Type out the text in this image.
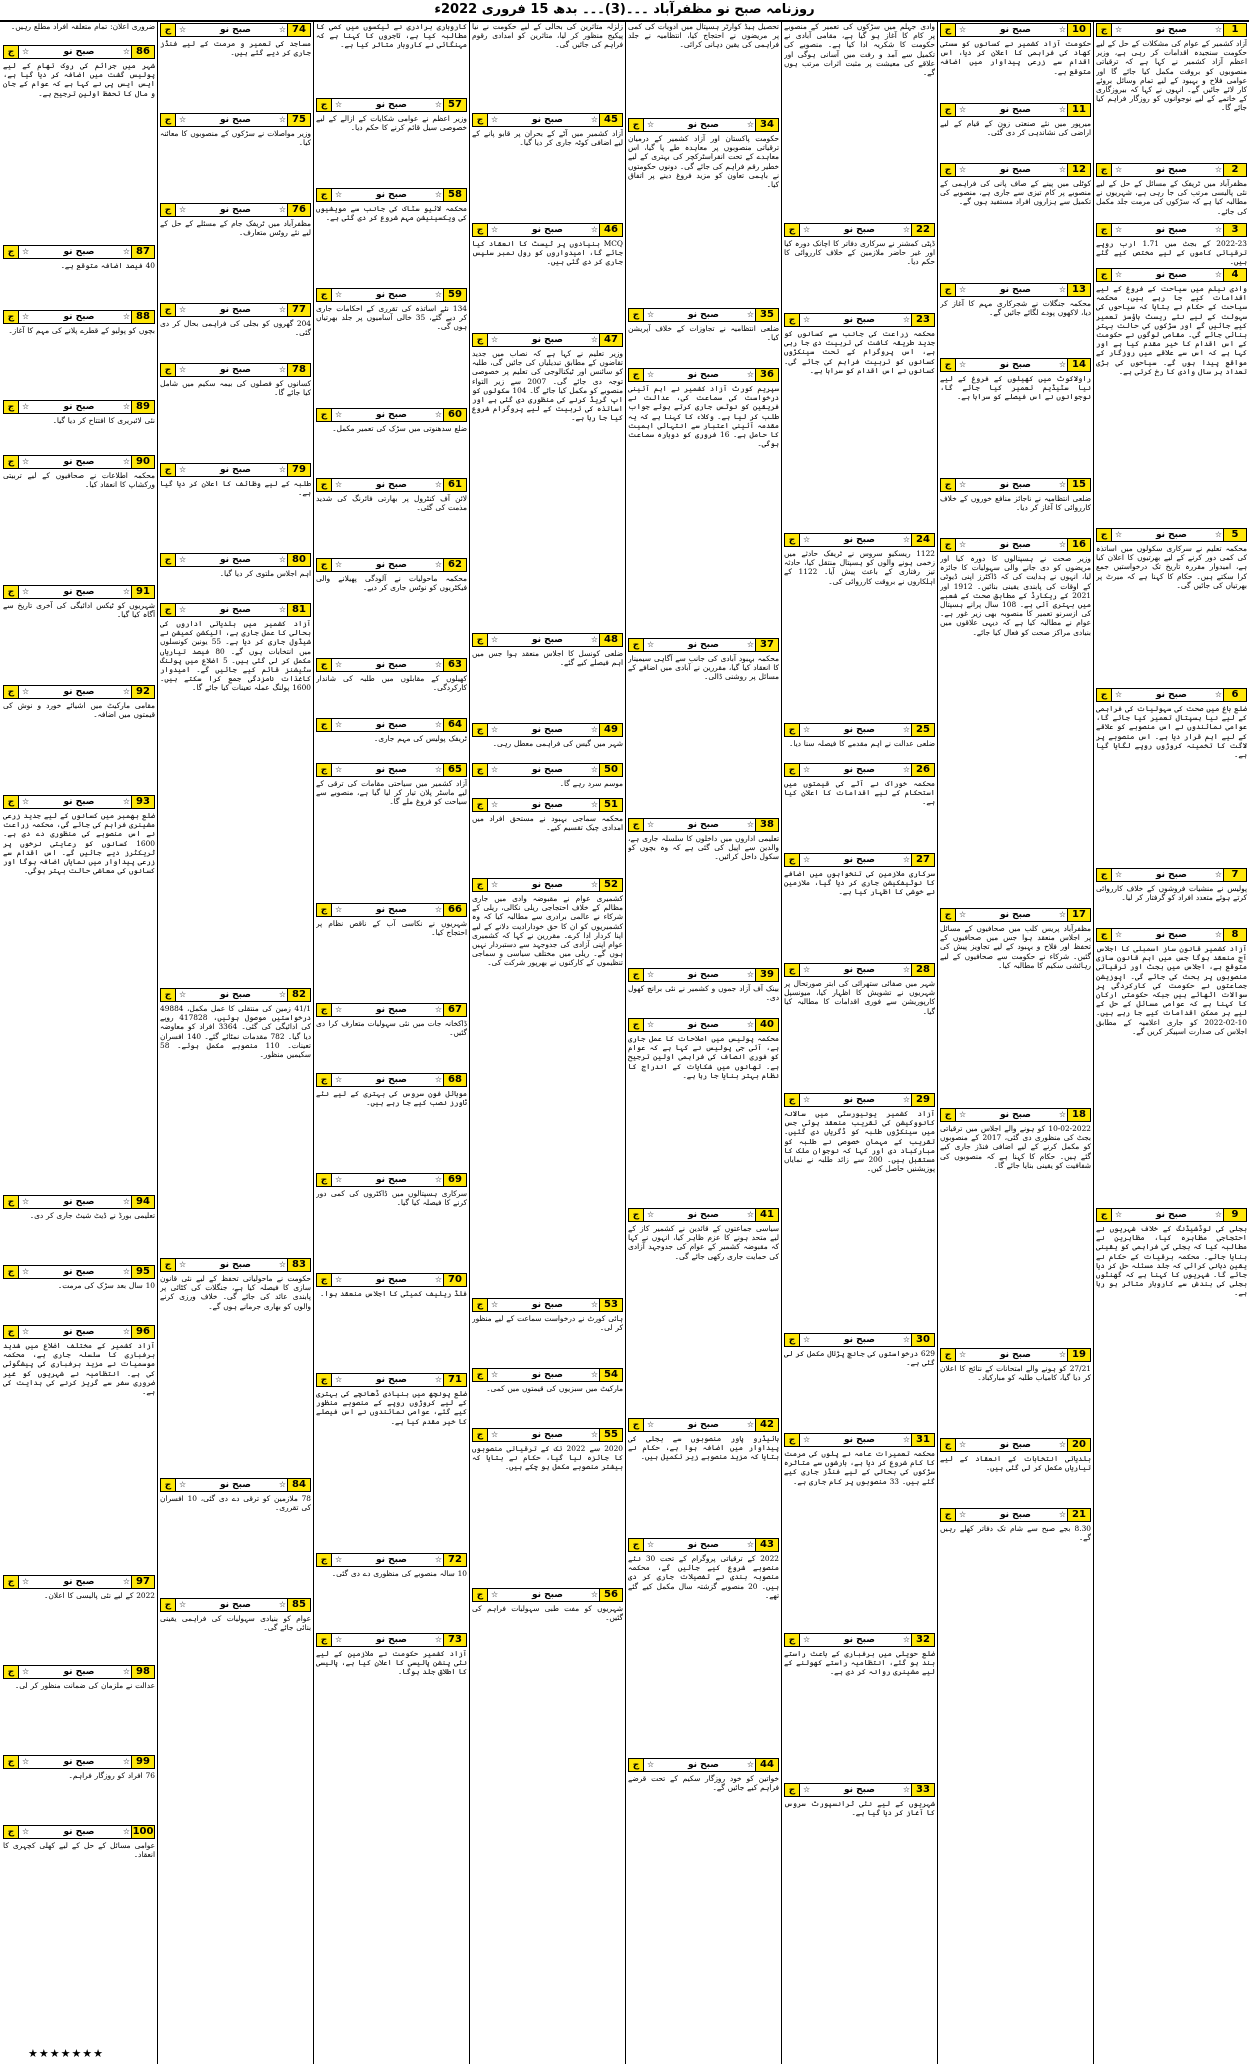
روزنامہ صبح نو مظفرآباد ۔۔۔(3)۔۔۔ بدھ 15 فروری 2022ء
1
☆
صبح نو
☆
ج
آزاد کشمیر کے عوام کی مشکلات کے حل کے لیے حکومت سنجیدہ اقدامات کر رہی ہے، وزیر اعظم آزاد کشمیر نے کہا ہے کہ ترقیاتی منصوبوں کو بروقت مکمل کیا جائے گا اور عوامی فلاح و بہبود کے لیے تمام وسائل بروئے کار لائے جائیں گے۔ انہوں نے کہا کہ بیروزگاری کے خاتمے کے لیے نوجوانوں کو روزگار فراہم کیا جائے گا۔
2
☆
صبح نو
☆
ج
مظفرآباد میں ٹریفک کے مسائل کے حل کے لیے نئی پالیسی مرتب کی جا رہی ہے، شہریوں نے مطالبہ کیا ہے کہ سڑکوں کی مرمت جلد مکمل کی جائے۔
3
☆
صبح نو
☆
ج
2022-23 کے بجٹ میں 1.71 ارب روپے ترقیاتی کاموں کے لیے مختص کیے گئے ہیں۔
4
☆
صبح نو
☆
ج
وادی نیلم میں سیاحت کے فروغ کے لیے اقدامات کیے جا رہے ہیں، محکمہ سیاحت کے حکام نے بتایا کہ سیاحوں کی سہولت کے لیے نئے ریسٹ ہاؤسز تعمیر کیے جائیں گے اور سڑکوں کی حالت بہتر بنائی جائے گی۔ مقامی لوگوں نے حکومت کے اس اقدام کا خیر مقدم کیا ہے اور کہا ہے کہ اس سے علاقے میں روزگار کے مواقع پیدا ہوں گے۔ سیاحوں کی بڑی تعداد ہر سال وادی کا رخ کرتی ہے۔
5
☆
صبح نو
☆
ج
محکمہ تعلیم نے سرکاری سکولوں میں اساتذہ کی کمی دور کرنے کے لیے بھرتیوں کا اعلان کیا ہے، امیدوار مقررہ تاریخ تک درخواستیں جمع کرا سکتے ہیں۔ حکام کا کہنا ہے کہ میرٹ پر بھرتیاں کی جائیں گی۔
6
☆
صبح نو
☆
ج
ضلع باغ میں صحت کی سہولیات کی فراہمی کے لیے نیا ہسپتال تعمیر کیا جائے گا، عوامی نمائندوں نے اس منصوبے کو علاقے کے لیے اہم قرار دیا ہے۔ اس منصوبے پر لاگت کا تخمینہ کروڑوں روپے لگایا گیا ہے۔
7
☆
صبح نو
☆
ج
پولیس نے منشیات فروشوں کے خلاف کارروائی کرتے ہوئے متعدد افراد کو گرفتار کر لیا۔
8
☆
صبح نو
☆
ج
آزاد کشمیر قانون ساز اسمبلی کا اجلاس آج منعقد ہوگا جس میں اہم قانون سازی متوقع ہے، اجلاس میں بجٹ اور ترقیاتی منصوبوں پر بحث کی جائے گی۔ اپوزیشن جماعتوں نے حکومت کی کارکردگی پر سوالات اٹھائے ہیں جبکہ حکومتی ارکان کا کہنا ہے کہ عوامی مسائل کے حل کے لیے ہر ممکن اقدامات کیے جا رہے ہیں۔ 10-02-2022 کو جاری اعلامیہ کے مطابق اجلاس کی صدارت اسپیکر کریں گے۔
9
☆
صبح نو
☆
ج
بجلی کی لوڈشیڈنگ کے خلاف شہریوں نے احتجاجی مظاہرہ کیا، مظاہرین نے مطالبہ کیا کہ بجلی کی فراہمی کو یقینی بنایا جائے۔ محکمہ برقیات کے حکام نے یقین دہانی کرائی کہ جلد مسئلہ حل کر دیا جائے گا۔ شہریوں کا کہنا ہے کہ گھنٹوں بجلی کی بندش سے کاروبار متاثر ہو رہا ہے۔
10
☆
صبح نو
☆
ج
حکومت آزاد کشمیر نے کسانوں کو سستی کھاد کی فراہمی کا اعلان کر دیا، اس اقدام سے زرعی پیداوار میں اضافہ متوقع ہے۔
11
☆
صبح نو
☆
ج
میرپور میں نئے صنعتی زون کے قیام کے لیے اراضی کی نشاندہی کر دی گئی۔
12
☆
صبح نو
☆
ج
کوٹلی میں پینے کے صاف پانی کی فراہمی کے منصوبے پر کام تیزی سے جاری ہے، منصوبے کی تکمیل سے ہزاروں افراد مستفید ہوں گے۔
13
☆
صبح نو
☆
ج
محکمہ جنگلات نے شجرکاری مہم کا آغاز کر دیا، لاکھوں پودے لگائے جائیں گے۔
14
☆
صبح نو
☆
ج
راولاکوٹ میں کھیلوں کے فروغ کے لیے نیا سٹیڈیم تعمیر کیا جائے گا، نوجوانوں نے اس فیصلے کو سراہا ہے۔
15
☆
صبح نو
☆
ج
ضلعی انتظامیہ نے ناجائز منافع خوروں کے خلاف کارروائی کا آغاز کر دیا۔
16
☆
صبح نو
☆
ج
وزیر صحت نے ہسپتالوں کا دورہ کیا اور مریضوں کو دی جانے والی سہولیات کا جائزہ لیا، انہوں نے ہدایت کی کہ ڈاکٹرز اپنی ڈیوٹی کے اوقات کی پابندی یقینی بنائیں۔ 1912 اور 2021 کے ریکارڈ کے مطابق صحت کے شعبے میں بہتری آئی ہے۔ 108 سال پرانے ہسپتال کی ازسرنو تعمیر کا منصوبہ بھی زیر غور ہے۔ عوام نے مطالبہ کیا ہے کہ دیہی علاقوں میں بنیادی مراکز صحت کو فعال کیا جائے۔
17
☆
صبح نو
☆
ج
مظفرآباد پریس کلب میں صحافیوں کے مسائل پر اجلاس منعقد ہوا جس میں صحافیوں کے تحفظ اور فلاح و بہبود کے لیے تجاویز پیش کی گئیں۔ شرکاء نے حکومت سے صحافیوں کے لیے رہائشی سکیم کا مطالبہ کیا۔
18
☆
صبح نو
☆
ج
10-02-2022 کو ہونے والے اجلاس میں ترقیاتی بجٹ کی منظوری دی گئی، 2017 کے منصوبوں کو مکمل کرنے کے لیے اضافی فنڈز جاری کیے گئے ہیں۔ حکام کا کہنا ہے کہ منصوبوں کی شفافیت کو یقینی بنایا جائے گا۔
19
☆
صبح نو
☆
ج
27/21 کو ہونے والے امتحانات کے نتائج کا اعلان کر دیا گیا، کامیاب طلبہ کو مبارکباد۔
20
☆
صبح نو
☆
ج
بلدیاتی انتخابات کے انعقاد کے لیے تیاریاں مکمل کر لی گئی ہیں۔
21
☆
صبح نو
☆
ج
8.30 بجے صبح سے شام تک دفاتر کھلے رہیں گے۔
وادی جہلم میں سڑکوں کی تعمیر کے منصوبے پر کام کا آغاز ہو گیا ہے، مقامی آبادی نے حکومت کا شکریہ ادا کیا ہے۔ منصوبے کی تکمیل سے آمد و رفت میں آسانی ہوگی اور علاقے کی معیشت پر مثبت اثرات مرتب ہوں گے۔
22
☆
صبح نو
☆
ج
ڈپٹی کمشنر نے سرکاری دفاتر کا اچانک دورہ کیا اور غیر حاضر ملازمین کے خلاف کارروائی کا حکم دیا۔
23
☆
صبح نو
☆
ج
محکمہ زراعت کی جانب سے کسانوں کو جدید طریقہ کاشت کی تربیت دی جا رہی ہے، اس پروگرام کے تحت سینکڑوں کسانوں کو تربیت فراہم کی جائے گی۔ کسانوں نے اس اقدام کو سراہا ہے۔
24
☆
صبح نو
☆
ج
1122 ریسکیو سروس نے ٹریفک حادثے میں زخمی ہونے والوں کو ہسپتال منتقل کیا، حادثہ تیز رفتاری کے باعث پیش آیا۔ 1122 کے اہلکاروں نے بروقت کارروائی کی۔
25
☆
صبح نو
☆
ج
ضلعی عدالت نے اہم مقدمے کا فیصلہ سنا دیا۔
26
☆
صبح نو
☆
ج
محکمہ خوراک نے آٹے کی قیمتوں میں استحکام کے لیے اقدامات کا اعلان کیا ہے۔
27
☆
صبح نو
☆
ج
سرکاری ملازمین کی تنخواہوں میں اضافے کا نوٹیفکیشن جاری کر دیا گیا، ملازمین نے خوشی کا اظہار کیا ہے۔
28
☆
صبح نو
☆
ج
شہر میں صفائی ستھرائی کی ابتر صورتحال پر شہریوں نے تشویش کا اظہار کیا، میونسپل کارپوریشن سے فوری اقدامات کا مطالبہ کیا گیا۔
29
☆
صبح نو
☆
ج
آزاد کشمیر یونیورسٹی میں سالانہ کانووکیشن کی تقریب منعقد ہوئی جس میں سینکڑوں طلبہ کو ڈگریاں دی گئیں۔ تقریب کے مہمان خصوصی نے طلبہ کو مبارکباد دی اور کہا کہ نوجوان ملک کا مستقبل ہیں۔ 200 سے زائد طلبہ نے نمایاں پوزیشنیں حاصل کیں۔
30
☆
صبح نو
☆
ج
629 درخواستوں کی جانچ پڑتال مکمل کر لی گئی ہے۔
31
☆
صبح نو
☆
ج
محکمہ تعمیرات عامہ نے پلوں کی مرمت کا کام شروع کر دیا ہے، بارشوں سے متاثرہ سڑکوں کی بحالی کے لیے فنڈز جاری کیے گئے ہیں۔ 33 منصوبوں پر کام جاری ہے۔
32
☆
صبح نو
☆
ج
ضلع حویلی میں برفباری کے باعث راستے بند ہو گئے، انتظامیہ راستے کھولنے کے لیے مشینری روانہ کر دی ہے۔
33
☆
صبح نو
☆
ج
شہریوں کے لیے نئی ٹرانسپورٹ سروس کا آغاز کر دیا گیا ہے۔
تحصیل ہیڈ کوارٹر ہسپتال میں ادویات کی کمی پر مریضوں نے احتجاج کیا، انتظامیہ نے جلد فراہمی کی یقین دہانی کرائی۔
34
☆
صبح نو
☆
ج
حکومت پاکستان اور آزاد کشمیر کے درمیان ترقیاتی منصوبوں پر معاہدہ طے پا گیا، اس معاہدے کے تحت انفراسٹرکچر کی بہتری کے لیے خطیر رقم فراہم کی جائے گی۔ دونوں حکومتوں نے باہمی تعاون کو مزید فروغ دینے پر اتفاق کیا۔
35
☆
صبح نو
☆
ج
ضلعی انتظامیہ نے تجاوزات کے خلاف آپریشن کیا۔
36
☆
صبح نو
☆
ج
سپریم کورٹ آزاد کشمیر نے اہم آئینی درخواست کی سماعت کی، عدالت نے فریقین کو نوٹس جاری کرتے ہوئے جواب طلب کر لیا ہے۔ وکلاء کا کہنا ہے کہ یہ مقدمہ آئینی اعتبار سے انتہائی اہمیت کا حامل ہے۔ 16 فروری کو دوبارہ سماعت ہوگی۔
37
☆
صبح نو
☆
ج
محکمہ بہبود آبادی کی جانب سے آگاہی سیمینار کا انعقاد کیا گیا، مقررین نے آبادی میں اضافے کے مسائل پر روشنی ڈالی۔
38
☆
صبح نو
☆
ج
تعلیمی اداروں میں داخلوں کا سلسلہ جاری ہے، والدین سے اپیل کی گئی ہے کہ وہ بچوں کو سکول داخل کرائیں۔
39
☆
صبح نو
☆
ج
بینک آف آزاد جموں و کشمیر نے نئی برانچ کھول دی۔
40
☆
صبح نو
☆
ج
محکمہ پولیس میں اصلاحات کا عمل جاری ہے، آئی جی پولیس نے کہا ہے کہ عوام کو فوری انصاف کی فراہمی اولین ترجیح ہے۔ تھانوں میں شکایات کے اندراج کا نظام بہتر بنایا جا رہا ہے۔
41
☆
صبح نو
☆
ج
سیاسی جماعتوں کے قائدین نے کشمیر کاز کے لیے متحد ہونے کا عزم ظاہر کیا، انہوں نے کہا کہ مقبوضہ کشمیر کے عوام کی جدوجہد آزادی کی حمایت جاری رکھی جائے گی۔
42
☆
صبح نو
☆
ج
ہائیڈرو پاور منصوبوں سے بجلی کی پیداوار میں اضافہ ہوا ہے، حکام نے بتایا کہ مزید منصوبے زیر تکمیل ہیں۔
43
☆
صبح نو
☆
ج
2022 کے ترقیاتی پروگرام کے تحت 30 نئے منصوبے شروع کیے جائیں گے، محکمہ منصوبہ بندی نے تفصیلات جاری کر دی ہیں۔ 20 منصوبے گزشتہ سال مکمل کیے گئے تھے۔
44
☆
صبح نو
☆
ج
خواتین کو خود روزگار سکیم کے تحت قرضے فراہم کیے جائیں گے۔
زلزلہ متاثرین کی بحالی کے لیے حکومت نے نیا پیکیج منظور کر لیا، متاثرین کو امدادی رقوم فراہم کی جائیں گی۔
45
☆
صبح نو
☆
ج
آزاد کشمیر میں آٹے کے بحران پر قابو پانے کے لیے اضافی کوٹہ جاری کر دیا گیا۔
46
☆
صبح نو
☆
ج
MCQ بنیادوں پر ٹیسٹ کا انعقاد کیا جائے گا، امیدواروں کو رول نمبر سلپس جاری کر دی گئی ہیں۔
47
☆
صبح نو
☆
ج
وزیر تعلیم نے کہا ہے کہ نصاب میں جدید تقاضوں کے مطابق تبدیلیاں کی جائیں گی، طلبہ کو سائنس اور ٹیکنالوجی کی تعلیم پر خصوصی توجہ دی جائے گی۔ 2007 سے زیر التواء منصوبے کو مکمل کیا جائے گا۔ 104 سکولوں کو اپ گریڈ کرنے کی منظوری دی گئی ہے اور اساتذہ کی تربیت کے لیے پروگرام شروع کیا جا رہا ہے۔
48
☆
صبح نو
☆
ج
ضلعی کونسل کا اجلاس منعقد ہوا جس میں اہم فیصلے کیے گئے۔
49
☆
صبح نو
☆
ج
شہر میں گیس کی فراہمی معطل رہی۔
50
☆
صبح نو
☆
ج
موسم سرد رہے گا۔
51
☆
صبح نو
☆
ج
محکمہ سماجی بہبود نے مستحق افراد میں امدادی چیک تقسیم کیے۔
52
☆
صبح نو
☆
ج
کشمیری عوام نے مقبوضہ وادی میں جاری مظالم کے خلاف احتجاجی ریلی نکالی، ریلی کے شرکاء نے عالمی برادری سے مطالبہ کیا کہ وہ کشمیریوں کو ان کا حق خودارادیت دلانے کے لیے اپنا کردار ادا کرے۔ مقررین نے کہا کہ کشمیری عوام اپنی آزادی کی جدوجہد سے دستبردار نہیں ہوں گے۔ ریلی میں مختلف سیاسی و سماجی تنظیموں کے کارکنوں نے بھرپور شرکت کی۔
53
☆
صبح نو
☆
ج
ہائی کورٹ نے درخواست سماعت کے لیے منظور کر لی۔
54
☆
صبح نو
☆
ج
مارکیٹ میں سبزیوں کی قیمتوں میں کمی۔
55
☆
صبح نو
☆
ج
2020 سے 2022 تک کے ترقیاتی منصوبوں کا جائزہ لیا گیا، حکام نے بتایا کہ بیشتر منصوبے مکمل ہو چکے ہیں۔
56
☆
صبح نو
☆
ج
شہریوں کو مفت طبی سہولیات فراہم کی گئیں۔
کاروباری برادری نے ٹیکسوں میں کمی کا مطالبہ کیا ہے، تاجروں کا کہنا ہے کہ مہنگائی نے کاروبار متاثر کیا ہے۔
57
☆
صبح نو
☆
ج
وزیر اعظم نے عوامی شکایات کے ازالے کے لیے خصوصی سیل قائم کرنے کا حکم دیا۔
58
☆
صبح نو
☆
ج
محکمہ لائیو سٹاک کی جانب سے مویشیوں کی ویکسینیشن مہم شروع کر دی گئی ہے۔
59
☆
صبح نو
☆
ج
134 نئے اساتذہ کی تقرری کے احکامات جاری کر دیے گئے، 35 خالی آسامیوں پر جلد بھرتیاں ہوں گی۔
60
☆
صبح نو
☆
ج
ضلع سدھنوتی میں سڑک کی تعمیر مکمل۔
61
☆
صبح نو
☆
ج
لائن آف کنٹرول پر بھارتی فائرنگ کی شدید مذمت کی گئی۔
62
☆
صبح نو
☆
ج
محکمہ ماحولیات نے آلودگی پھیلانے والی فیکٹریوں کو نوٹس جاری کر دیے۔
63
☆
صبح نو
☆
ج
کھیلوں کے مقابلوں میں طلبہ کی شاندار کارکردگی۔
64
☆
صبح نو
☆
ج
ٹریفک پولیس کی مہم جاری۔
65
☆
صبح نو
☆
ج
آزاد کشمیر میں سیاحتی مقامات کی ترقی کے لیے ماسٹر پلان تیار کر لیا گیا ہے، منصوبے سے سیاحت کو فروغ ملے گا۔
66
☆
صبح نو
☆
ج
شہریوں نے نکاسی آب کے ناقص نظام پر احتجاج کیا۔
67
☆
صبح نو
☆
ج
ڈاکخانہ جات میں نئی سہولیات متعارف کرا دی گئیں۔
68
☆
صبح نو
☆
ج
موبائل فون سروس کی بہتری کے لیے نئے ٹاورز نصب کیے جا رہے ہیں۔
69
☆
صبح نو
☆
ج
سرکاری ہسپتالوں میں ڈاکٹروں کی کمی دور کرنے کا فیصلہ کیا گیا۔
70
☆
صبح نو
☆
ج
فلڈ ریلیف کمیٹی کا اجلاس منعقد ہوا۔
71
☆
صبح نو
☆
ج
ضلع پونچھ میں بنیادی ڈھانچے کی بہتری کے لیے کروڑوں روپے کے منصوبے منظور کیے گئے، عوامی نمائندوں نے اس فیصلے کا خیر مقدم کیا ہے۔
72
☆
صبح نو
☆
ج
10 سالہ منصوبے کی منظوری دے دی گئی۔
73
☆
صبح نو
☆
ج
آزاد کشمیر حکومت نے ملازمین کے لیے نئی پنشن پالیسی کا اعلان کیا ہے، پالیسی کا اطلاق جلد ہوگا۔
74
☆
صبح نو
☆
ج
مساجد کی تعمیر و مرمت کے لیے فنڈز جاری کر دیے گئے ہیں۔
75
☆
صبح نو
☆
ج
وزیر مواصلات نے سڑکوں کے منصوبوں کا معائنہ کیا۔
76
☆
صبح نو
☆
ج
مظفرآباد میں ٹریفک جام کے مسئلے کے حل کے لیے نئے روٹس متعارف۔
77
☆
صبح نو
☆
ج
204 گھروں کو بجلی کی فراہمی بحال کر دی گئی۔
78
☆
صبح نو
☆
ج
کسانوں کو فصلوں کی بیمہ سکیم میں شامل کیا جائے گا۔
79
☆
صبح نو
☆
ج
طلبہ کے لیے وظائف کا اعلان کر دیا گیا ہے۔
80
☆
صبح نو
☆
ج
اہم اجلاس ملتوی کر دیا گیا۔
81
☆
صبح نو
☆
ج
آزاد کشمیر میں بلدیاتی اداروں کی بحالی کا عمل جاری ہے، الیکشن کمیشن نے شیڈول جاری کر دیا ہے۔ 55 یونین کونسلوں میں انتخابات ہوں گے۔ 80 فیصد تیاریاں مکمل کر لی گئی ہیں۔ 5 اضلاع میں پولنگ سٹیشنز قائم کیے جائیں گے۔ امیدوار کاغذات نامزدگی جمع کرا سکتے ہیں۔ 1600 پولنگ عملہ تعینات کیا جائے گا۔
82
☆
صبح نو
☆
ج
41/1 زمین کی منتقلی کا عمل مکمل، 49884 درخواستیں موصول ہوئیں، 417828 روپے کی ادائیگی کی گئی۔ 3364 افراد کو معاوضہ دیا گیا۔ 782 مقدمات نمٹائے گئے۔ 140 افسران تعینات۔ 110 منصوبے مکمل ہوئے۔ 58 سکیمیں منظور۔
83
☆
صبح نو
☆
ج
حکومت نے ماحولیاتی تحفظ کے لیے نئی قانون سازی کا فیصلہ کیا ہے، جنگلات کی کٹائی پر پابندی عائد کی جائے گی۔ خلاف ورزی کرنے والوں کو بھاری جرمانے ہوں گے۔
84
☆
صبح نو
☆
ج
78 ملازمین کو ترقی دے دی گئی، 10 افسران کی تقرری۔
85
☆
صبح نو
☆
ج
عوام کو بنیادی سہولیات کی فراہمی یقینی بنائی جائے گی۔
ضروری اعلان: تمام متعلقہ افراد مطلع رہیں۔
86
☆
صبح نو
☆
ج
شہر میں جرائم کی روک تھام کے لیے پولیس گشت میں اضافہ کر دیا گیا ہے، ایس ایس پی نے کہا ہے کہ عوام کے جان و مال کا تحفظ اولین ترجیح ہے۔
87
☆
صبح نو
☆
ج
40 فیصد اضافہ متوقع ہے۔
88
☆
صبح نو
☆
ج
بچوں کو پولیو کے قطرے پلانے کی مہم کا آغاز۔
89
☆
صبح نو
☆
ج
نئی لائبریری کا افتتاح کر دیا گیا۔
90
☆
صبح نو
☆
ج
محکمہ اطلاعات نے صحافیوں کے لیے تربیتی ورکشاپ کا انعقاد کیا۔
91
☆
صبح نو
☆
ج
شہریوں کو ٹیکس ادائیگی کی آخری تاریخ سے آگاہ کیا گیا۔
92
☆
صبح نو
☆
ج
مقامی مارکیٹ میں اشیائے خورد و نوش کی قیمتوں میں اضافہ۔
93
☆
صبح نو
☆
ج
ضلع بھمبر میں کسانوں کے لیے جدید زرعی مشینری فراہم کی جائے گی، محکمہ زراعت نے اس منصوبے کی منظوری دے دی ہے۔ 1600 کسانوں کو رعایتی نرخوں پر ٹریکٹرز دیے جائیں گے۔ اس اقدام سے زرعی پیداوار میں نمایاں اضافہ ہوگا اور کسانوں کی معاشی حالت بہتر ہوگی۔
94
☆
صبح نو
☆
ج
تعلیمی بورڈ نے ڈیٹ شیٹ جاری کر دی۔
95
☆
صبح نو
☆
ج
10 سال بعد سڑک کی مرمت۔
96
☆
صبح نو
☆
ج
آزاد کشمیر کے مختلف اضلاع میں شدید برفباری کا سلسلہ جاری ہے، محکمہ موسمیات نے مزید برفباری کی پیشگوئی کی ہے۔ انتظامیہ نے شہریوں کو غیر ضروری سفر سے گریز کرنے کی ہدایت کی ہے۔
97
☆
صبح نو
☆
ج
2022 کے لیے نئی پالیسی کا اعلان۔
98
☆
صبح نو
☆
ج
عدالت نے ملزمان کی ضمانت منظور کر لی۔
99
☆
صبح نو
☆
ج
76 افراد کو روزگار فراہم۔
100
☆
صبح نو
☆
ج
عوامی مسائل کے حل کے لیے کھلی کچہری کا انعقاد۔
★★★★★★★
